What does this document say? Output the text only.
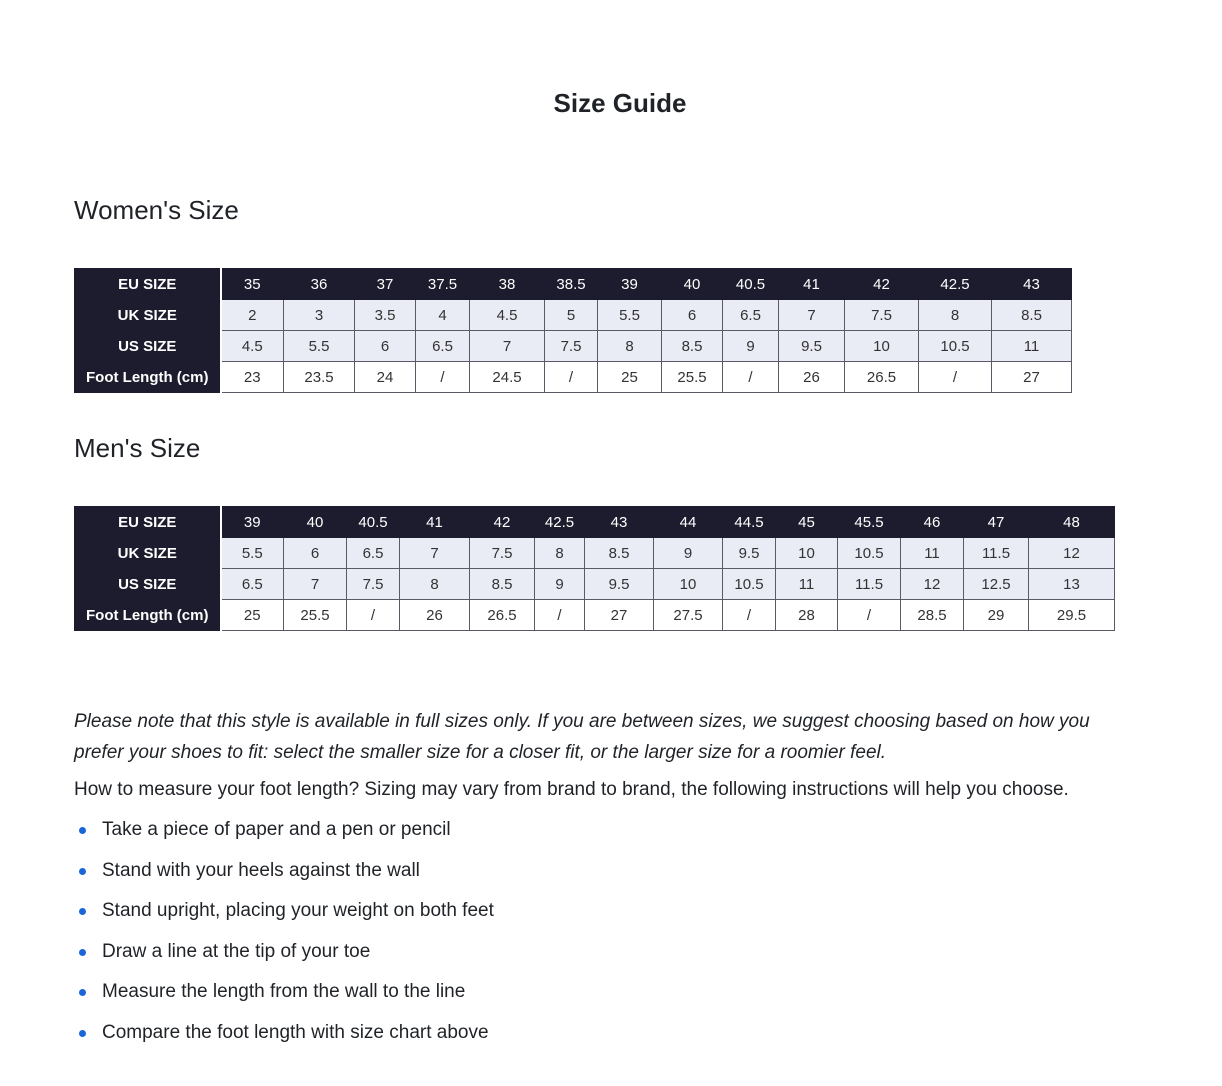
Size Guide
Women's Size
EU SIZE	35	36	37	37.5	38	38.5	39	40	40.5	41	42	42.5	43
UK SIZE	2	3	3.5	4	4.5	5	5.5	6	6.5	7	7.5	8	8.5
US SIZE	4.5	5.5	6	6.5	7	7.5	8	8.5	9	9.5	10	10.5	11
Foot Length (cm)	23	23.5	24	/	24.5	/	25	25.5	/	26	26.5	/	27
Men's Size
EU SIZE	39	40	40.5	41	42	42.5	43	44	44.5	45	45.5	46	47	48
UK SIZE	5.5	6	6.5	7	7.5	8	8.5	9	9.5	10	10.5	11	11.5	12
US SIZE	6.5	7	7.5	8	8.5	9	9.5	10	10.5	11	11.5	12	12.5	13
Foot Length (cm)	25	25.5	/	26	26.5	/	27	27.5	/	28	/	28.5	29	29.5

Please note that this style is available in full sizes only. If you are between sizes, we suggest choosing based on how you prefer your shoes to fit: select the smaller size for a closer fit, or the larger size for a roomier feel.

How to measure your foot length? Sizing may vary from brand to brand, the following instructions will help you choose.

Take a piece of paper and a pen or pencil
Stand with your heels against the wall
Stand upright, placing your weight on both feet
Draw a line at the tip of your toe
Measure the length from the wall to the line
Compare the foot length with size chart above
